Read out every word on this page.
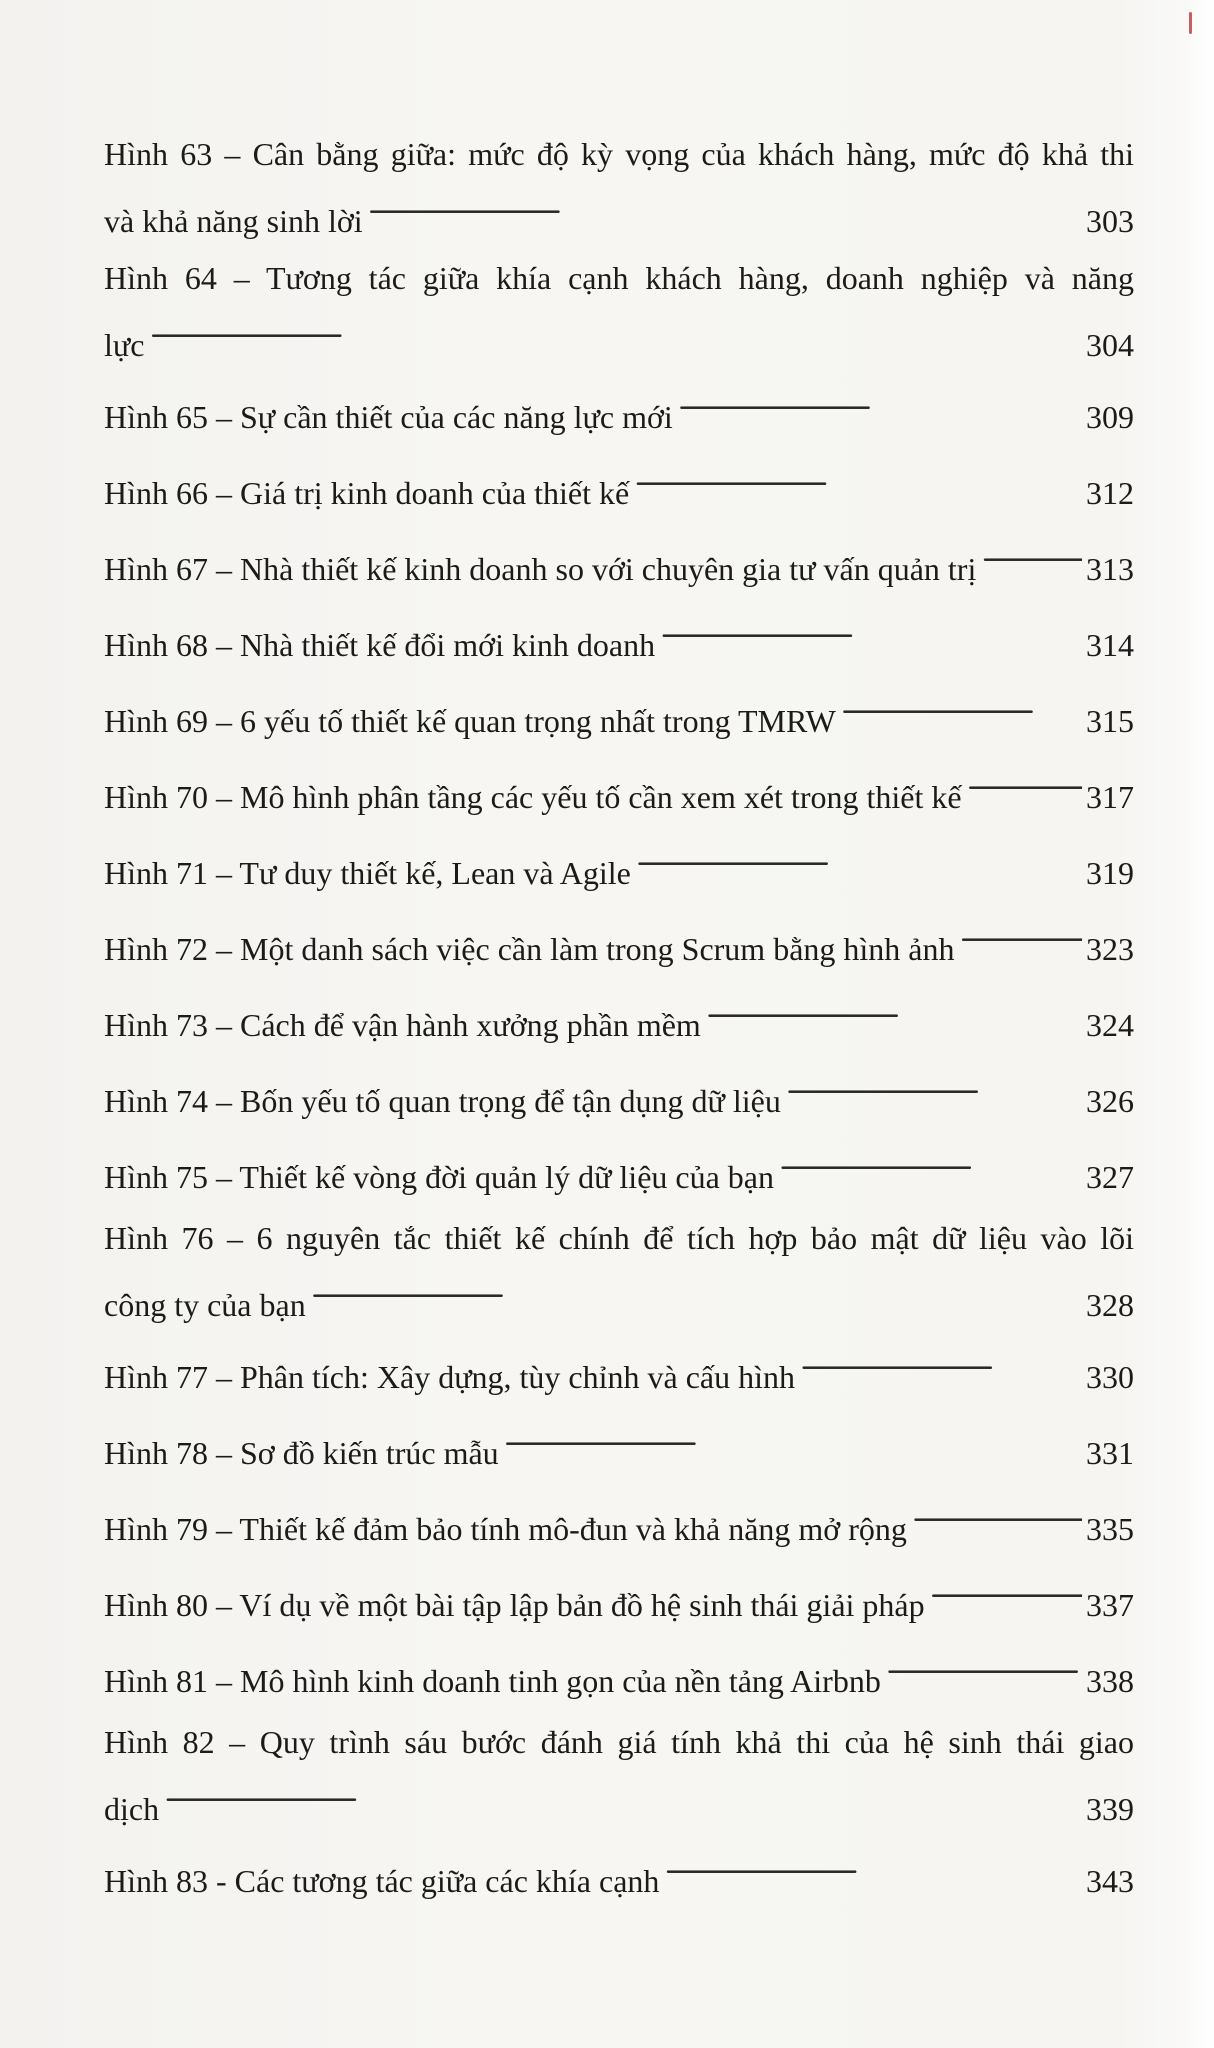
Hình 63 – Cân bằng giữa: mức độ kỳ vọng của khách hàng, mức độ khả thi
và khả năng sinh lời . . .	303
Hình 64 – Tương tác giữa khía cạnh khách hàng, doanh nghiệp và năng
lực . . .	304
Hình 65 – Sự cần thiết của các năng lực mới . . .	309
Hình 66 – Giá trị kinh doanh của thiết kế . . .	312
Hình 67 – Nhà thiết kế kinh doanh so với chuyên gia tư vấn quản trị . . .	313
Hình 68 – Nhà thiết kế đổi mới kinh doanh . . .	314
Hình 69 – 6 yếu tố thiết kế quan trọng nhất trong TMRW . . .	315
Hình 70 – Mô hình phân tầng các yếu tố cần xem xét trong thiết kế . . .	317
Hình 71 – Tư duy thiết kế, Lean và Agile . . .	319
Hình 72 – Một danh sách việc cần làm trong Scrum bằng hình ảnh . . .	323
Hình 73 – Cách để vận hành xưởng phần mềm . . .	324
Hình 74 – Bốn yếu tố quan trọng để tận dụng dữ liệu . . .	326
Hình 75 – Thiết kế vòng đời quản lý dữ liệu của bạn . . .	327
Hình 76 – 6 nguyên tắc thiết kế chính để tích hợp bảo mật dữ liệu vào lõi
công ty của bạn . . .	328
Hình 77 – Phân tích: Xây dựng, tùy chỉnh và cấu hình . . .	330
Hình 78 – Sơ đồ kiến trúc mẫu . . .	331
Hình 79 – Thiết kế đảm bảo tính mô-đun và khả năng mở rộng . . .	335
Hình 80 – Ví dụ về một bài tập lập bản đồ hệ sinh thái giải pháp . . .	337
Hình 81 – Mô hình kinh doanh tinh gọn của nền tảng Airbnb . . .	338
Hình 82 – Quy trình sáu bước đánh giá tính khả thi của hệ sinh thái giao
dịch . . .	339
Hình 83 - Các tương tác giữa các khía cạnh . . .	343
